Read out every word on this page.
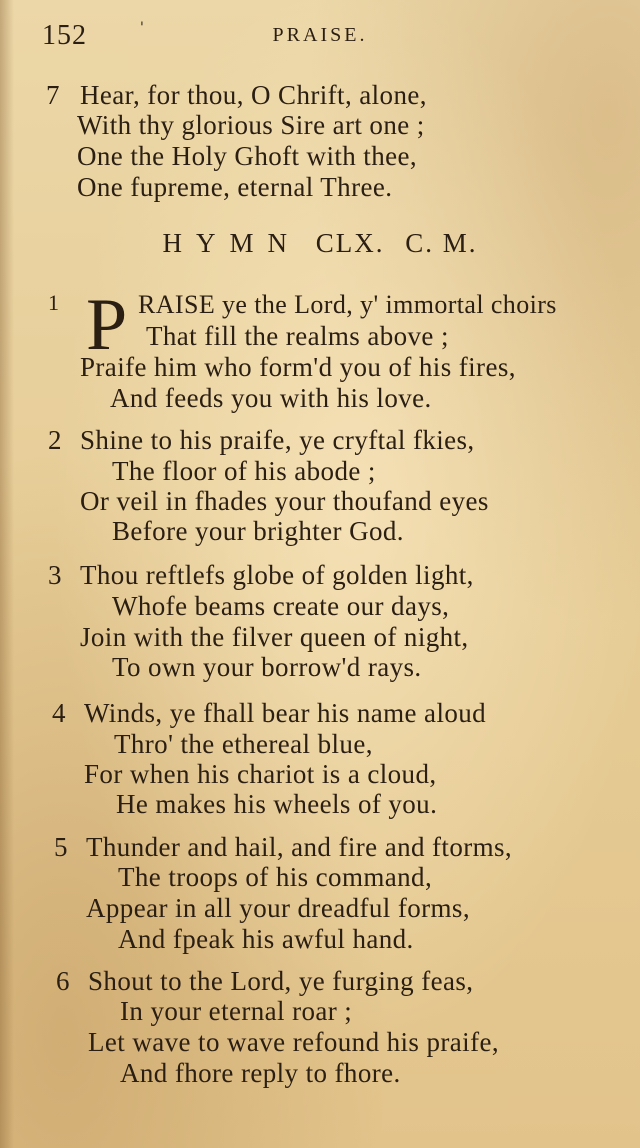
152	'	PRAISE.
7 Hear, for thou, O Chrift, alone,
With thy glorious Sire art one ;
One the Holy Ghoft with thee,
One fupreme, eternal Three.
HYMN CLX. C. M.
1 P RAISE ye the Lord, y' immortal choirs
That fill the realms above ;
Praife him who form'd you of his fires,
And feeds you with his love.
2 Shine to his praife, ye cryftal fkies,
The floor of his abode ;
Or veil in fhades your thoufand eyes
Before your brighter God.
3 Thou reftlefs globe of golden light,
Whofe beams create our days,
Join with the filver queen of night,
To own your borrow'd rays.
4 Winds, ye fhall bear his name aloud
Thro' the ethereal blue,
For when his chariot is a cloud,
He makes his wheels of you.
5 Thunder and hail, and fire and ftorms,
The troops of his command,
Appear in all your dreadful forms,
And fpeak his awful hand.
6 Shout to the Lord, ye furging feas,
In your eternal roar ;
Let wave to wave refound his praife,
And fhore reply to fhore.
